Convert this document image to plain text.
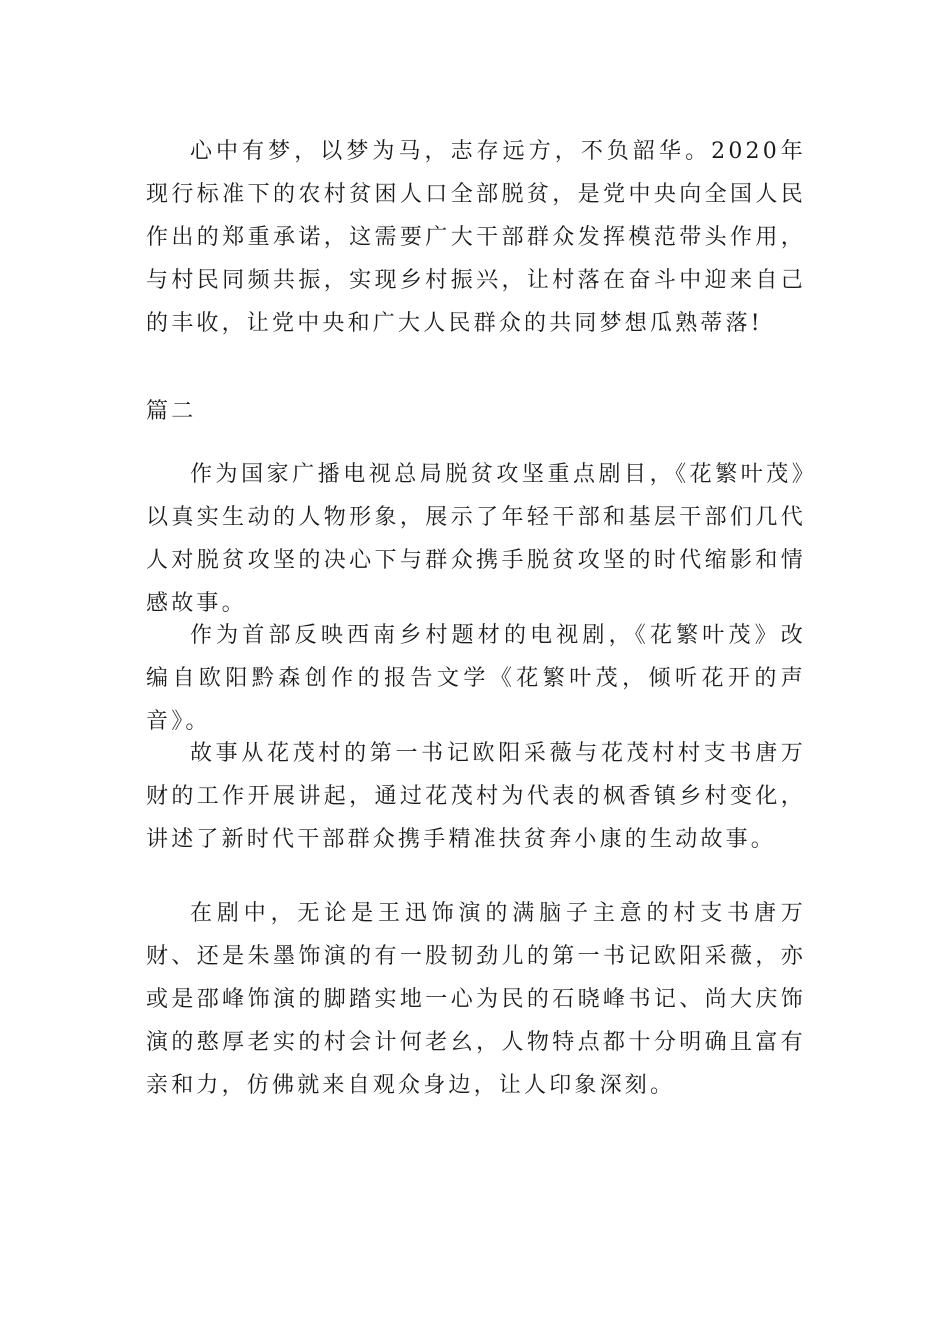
心中有梦，以梦为马，志存远方，不负韶华。2020年现行标准下的农村贫困人口全部脱贫，是党中央向全国人民作出的郑重承诺，这需要广大干部群众发挥模范带头作用，与村民同频共振，实现乡村振兴，让村落在奋斗中迎来自己的丰收，让党中央和广大人民群众的共同梦想瓜熟蒂落!

篇二

作为国家广播电视总局脱贫攻坚重点剧目，《花繁叶茂》以真实生动的人物形象，展示了年轻干部和基层干部们几代人对脱贫攻坚的决心下与群众携手脱贫攻坚的时代缩影和情感故事。

作为首部反映西南乡村题材的电视剧，《花繁叶茂》改编自欧阳黔森创作的报告文学《花繁叶茂，倾听花开的声音》。

故事从花茂村的第一书记欧阳采薇与花茂村村支书唐万财的工作开展讲起，通过花茂村为代表的枫香镇乡村变化，讲述了新时代干部群众携手精准扶贫奔小康的生动故事。

在剧中，无论是王迅饰演的满脑子主意的村支书唐万财、还是朱墨饰演的有一股韧劲儿的第一书记欧阳采薇，亦或是邵峰饰演的脚踏实地一心为民的石晓峰书记、尚大庆饰演的憨厚老实的村会计何老幺，人物特点都十分明确且富有亲和力，仿佛就来自观众身边，让人印象深刻。
